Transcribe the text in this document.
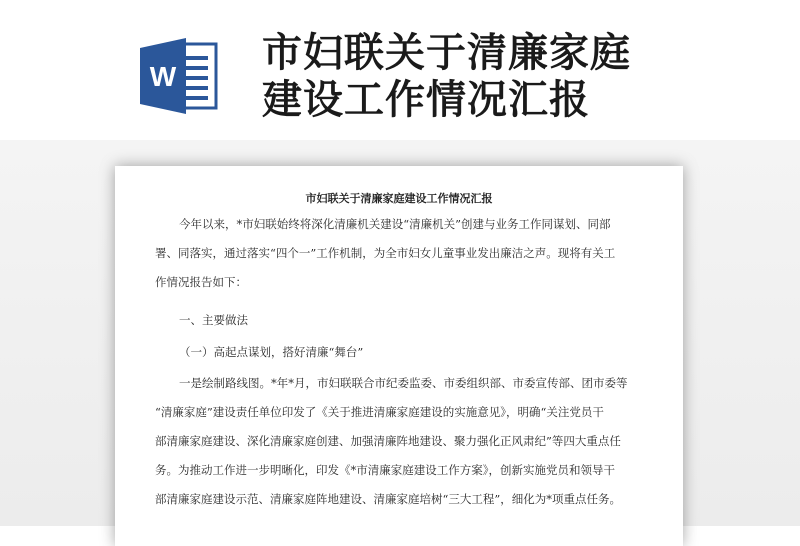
W
市妇联关于清廉家庭
建设工作情况汇报
市妇联关于清廉家庭建设工作情况汇报
今年以来，*市妇联始终将深化清廉机关建设“清廉机关”创建与业务工作同谋划、同部
署、同落实，通过落实“四个一”工作机制，为全市妇女儿童事业发出廉洁之声。现将有关工
作情况报告如下：
一、主要做法
（一）高起点谋划，搭好清廉“舞台”
一是绘制路线图。*年*月，市妇联联合市纪委监委、市委组织部、市委宣传部、团市委等
“清廉家庭”建设责任单位印发了《关于推进清廉家庭建设的实施意见》，明确“关注党员干
部清廉家庭建设、深化清廉家庭创建、加强清廉阵地建设、聚力强化正风肃纪”等四大重点任
务。为推动工作进一步明晰化，印发《*市清廉家庭建设工作方案》，创新实施党员和领导干
部清廉家庭建设示范、清廉家庭阵地建设、清廉家庭培树“三大工程”，细化为*项重点任务。
